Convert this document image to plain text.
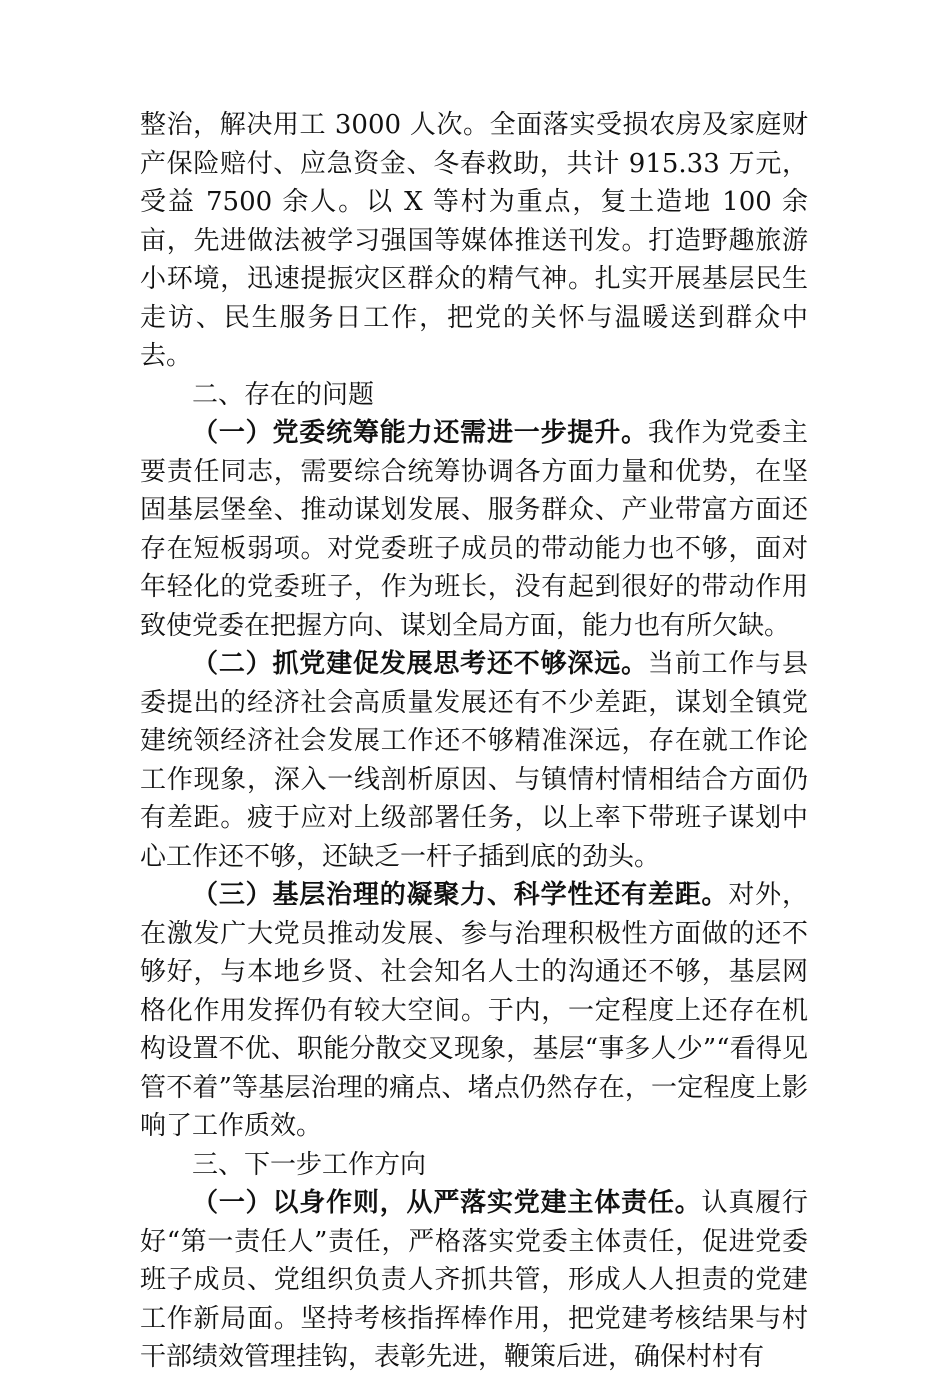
整治，解决用工 3000 人次。全面落实受损农房及家庭财产保险赔付、应急资金、冬春救助，共计 915.33 万元，受益 7500 余人。以 X 等村为重点，复土造地 100 余亩，先进做法被学习强国等媒体推送刊发。打造野趣旅游小环境，迅速提振灾区群众的精气神。扎实开展基层民生走访、民生服务日工作，把党的关怀与温暖送到群众中去。

二、存在的问题

（一）党委统筹能力还需进一步提升。我作为党委主要责任同志，需要综合统筹协调各方面力量和优势，在坚固基层堡垒、推动谋划发展、服务群众、产业带富方面还存在短板弱项。对党委班子成员的带动能力也不够，面对年轻化的党委班子，作为班长，没有起到很好的带动作用致使党委在把握方向、谋划全局方面，能力也有所欠缺。

（二）抓党建促发展思考还不够深远。当前工作与县委提出的经济社会高质量发展还有不少差距，谋划全镇党建统领经济社会发展工作还不够精准深远，存在就工作论工作现象，深入一线剖析原因、与镇情村情相结合方面仍有差距。疲于应对上级部署任务，以上率下带班子谋划中心工作还不够，还缺乏一杆子插到底的劲头。

（三）基层治理的凝聚力、科学性还有差距。对外，在激发广大党员推动发展、参与治理积极性方面做的还不够好，与本地乡贤、社会知名人士的沟通还不够，基层网格化作用发挥仍有较大空间。于内，一定程度上还存在机构设置不优、职能分散交叉现象，基层“事多人少”“看得见管不着”等基层治理的痛点、堵点仍然存在，一定程度上影响了工作质效。

三、下一步工作方向

（一）以身作则，从严落实党建主体责任。认真履行好“第一责任人”责任，严格落实党委主体责任，促进党委班子成员、党组织负责人齐抓共管，形成人人担责的党建工作新局面。坚持考核指挥棒作用，把党建考核结果与村干部绩效管理挂钩，表彰先进，鞭策后进，确保村村有
